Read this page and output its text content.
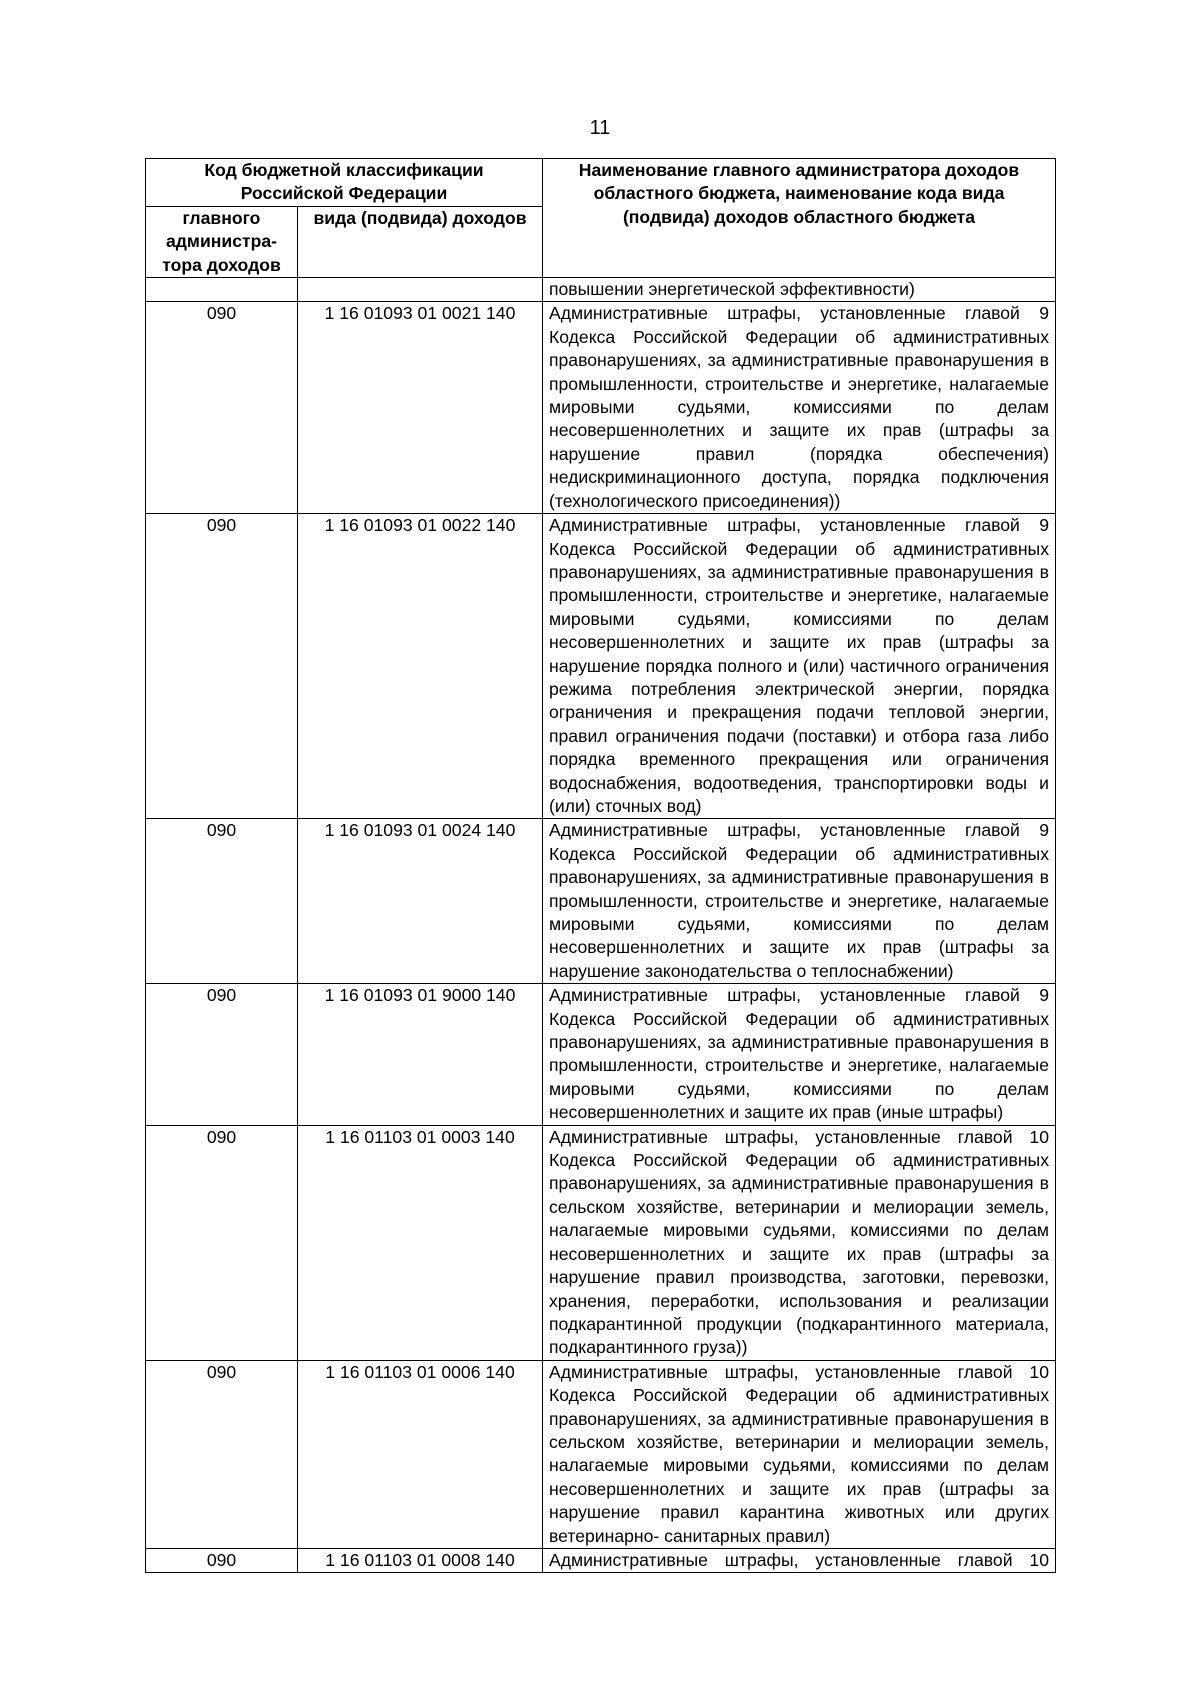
11
Код бюджетной классификации Российской Федерации		Наименование главного администратора доходов областного бюджета, наименование кода вида (подвида) доходов областного бюджета
главного администра-тора доходов	вида (подвида) доходов	
		повышении энергетической эффективности)
090	1 16 01093 01 0021 140	Административные штрафы, установленные главой 9 Кодекса Российской Федерации об административных правонарушениях, за административные правонарушения в промышленности, строительстве и энергетике, налагаемые мировыми судьями, комиссиями по делам несовершеннолетних и защите их прав (штрафы за нарушение правил (порядка обеспечения) недискриминационного доступа, порядка подключения (технологического присоединения))
090	1 16 01093 01 0022 140	Административные штрафы, установленные главой 9 Кодекса Российской Федерации об административных правонарушениях, за административные правонарушения в промышленности, строительстве и энергетике, налагаемые мировыми судьями, комиссиями по делам несовершеннолетних и защите их прав (штрафы за нарушение порядка полного и (или) частичного ограничения режима потребления электрической энергии, порядка ограничения и прекращения подачи тепловой энергии, правил ограничения подачи (поставки) и отбора газа либо порядка временного прекращения или ограничения водоснабжения, водоотведения, транспортировки воды и (или) сточных вод)
090	1 16 01093 01 0024 140	Административные штрафы, установленные главой 9 Кодекса Российской Федерации об административных правонарушениях, за административные правонарушения в промышленности, строительстве и энергетике, налагаемые мировыми судьями, комиссиями по делам несовершеннолетних и защите их прав (штрафы за нарушение законодательства о теплоснабжении)
090	1 16 01093 01 9000 140	Административные штрафы, установленные главой 9 Кодекса Российской Федерации об административных правонарушениях, за административные правонарушения в промышленности, строительстве и энергетике, налагаемые мировыми судьями, комиссиями по делам несовершеннолетних и защите их прав (иные штрафы)
090	1 16 01103 01 0003 140	Административные штрафы, установленные главой 10 Кодекса Российской Федерации об административных правонарушениях, за административные правонарушения в сельском хозяйстве, ветеринарии и мелиорации земель, налагаемые мировыми судьями, комиссиями по делам несовершеннолетних и защите их прав (штрафы за нарушение правил производства, заготовки, перевозки, хранения, переработки, использования и реализации подкарантинной продукции (подкарантинного материала, подкарантинного груза))
090	1 16 01103 01 0006 140	Административные штрафы, установленные главой 10 Кодекса Российской Федерации об административных правонарушениях, за административные правонарушения в сельском хозяйстве, ветеринарии и мелиорации земель, налагаемые мировыми судьями, комиссиями по делам несовершеннолетних и защите их прав (штрафы за нарушение правил карантина животных или других ветеринарно- санитарных правил)
090	1 16 01103 01 0008 140	Административные штрафы, установленные главой 10
